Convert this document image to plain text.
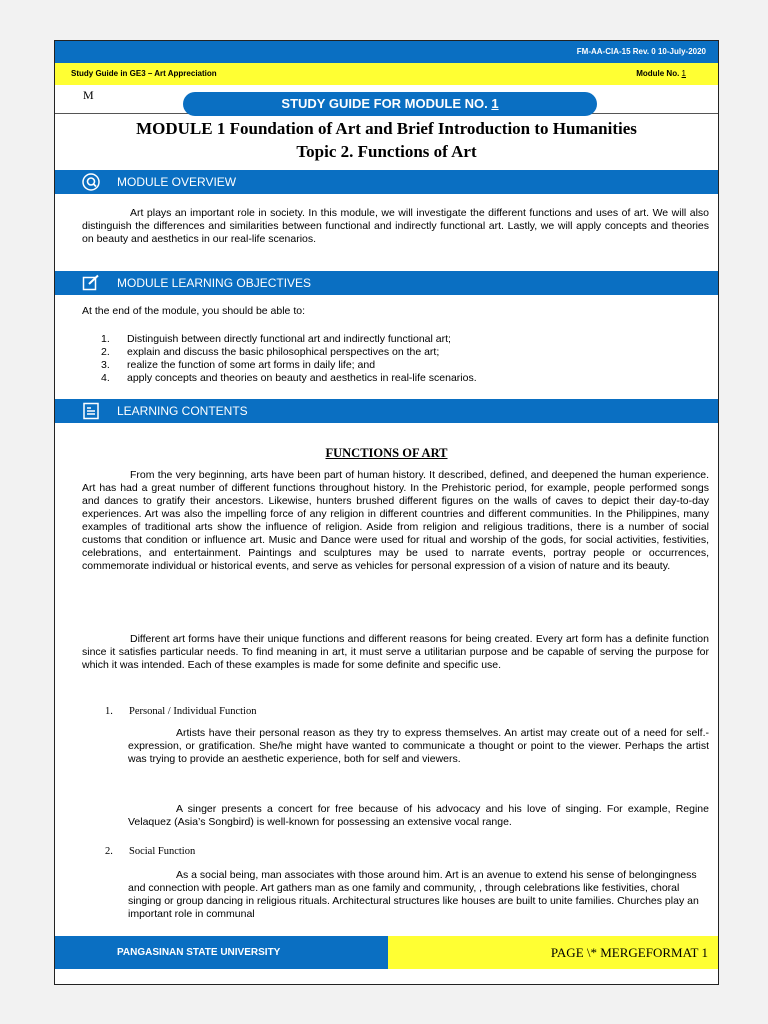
FM-AA-CIA-15 Rev. 0 10-July-2020
Study Guide in GE3 – Art Appreciation	Module No. 1
M
STUDY GUIDE FOR MODULE NO. 1
MODULE 1 Foundation of Art and Brief Introduction to Humanities
Topic 2. Functions of Art
MODULE OVERVIEW
Art plays an important role in society. In this module, we will investigate the different functions and uses of art. We will also distinguish the differences and similarities between functional and indirectly functional art. Lastly, we will apply concepts and theories on beauty and aesthetics in our real-life scenarios.
MODULE LEARNING OBJECTIVES
At the end of the module, you should be able to:
1. Distinguish between directly functional art and indirectly functional art;
2. explain and discuss the basic philosophical perspectives on the art;
3. realize the function of some art forms in daily life; and
4. apply concepts and theories on beauty and aesthetics in real-life scenarios.
LEARNING CONTENTS
FUNCTIONS OF ART
From the very beginning, arts have been part of human history. It described, defined, and deepened the human experience. Art has had a great number of different functions throughout history. In the Prehistoric period, for example, people performed songs and dances to gratify their ancestors. Likewise, hunters brushed different figures on the walls of caves to depict their day-to-day experiences. Art was also the impelling force of any religion in different countries and different communities. In the Philippines, many examples of traditional arts show the influence of religion. Aside from religion and religious traditions, there is a number of social customs that condition or influence art. Music and Dance were used for ritual and worship of the gods, for social activities, festivities, celebrations, and entertainment. Paintings and sculptures may be used to narrate events, portray people or occurrences, commemorate individual or historical events, and serve as vehicles for personal expression of a vision of nature and its beauty.
Different art forms have their unique functions and different reasons for being created. Every art form has a definite function since it satisfies particular needs. To find meaning in art, it must serve a utilitarian purpose and be capable of serving the purpose for which it was intended. Each of these examples is made for some definite and specific use.
1. Personal / Individual Function
Artists have their personal reason as they try to express themselves. An artist may create out of a need for self.-expression, or gratification. She/he might have wanted to communicate a thought or point to the viewer. Perhaps the artist was trying to provide an aesthetic experience, both for self and viewers.
A singer presents a concert for free because of his advocacy and his love of singing. For example, Regine Velaquez (Asia’s Songbird) is well-known for possessing an extensive vocal range.
2. Social Function
As a social being, man associates with those around him. Art is an avenue to extend his sense of belongingness and connection with people. Art gathers man as one family and community, , through celebrations like festivities, choral singing or group dancing in religious rituals. Architectural structures like houses are built to unite families. Churches play an important role in communal
PANGASINAN STATE UNIVERSITY	PAGE \* MERGEFORMAT 1
